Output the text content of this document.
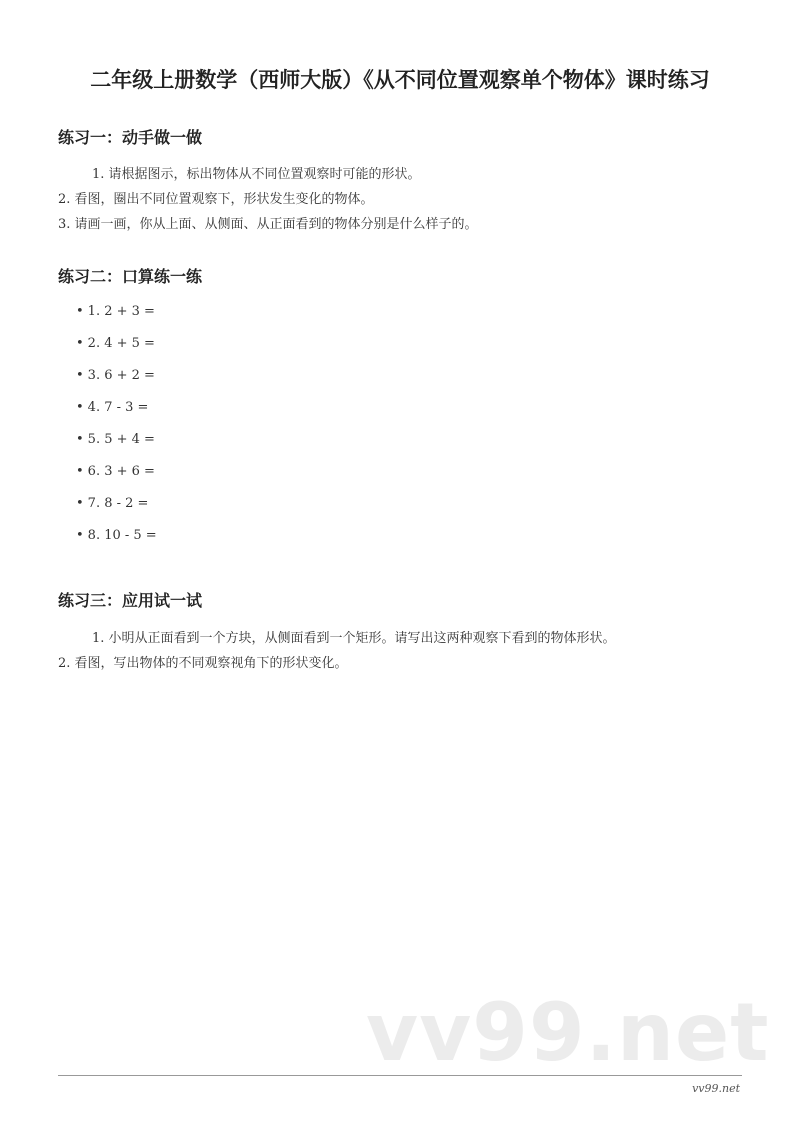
二年级上册数学（西师大版）《从不同位置观察单个物体》课时练习
练习一：动手做一做
1. 请根据图示，标出物体从不同位置观察时可能的形状。
2. 看图，圈出不同位置观察下，形状发生变化的物体。
3. 请画一画，你从上面、从侧面、从正面看到的物体分别是什么样子的。
练习二：口算练一练
• 1. 2 + 3 =
• 2. 4 + 5 =
• 3. 6 + 2 =
• 4. 7 - 3 =
• 5. 5 + 4 =
• 6. 3 + 6 =
• 7. 8 - 2 =
• 8. 10 - 5 =
练习三：应用试一试
1. 小明从正面看到一个方块，从侧面看到一个矩形。请写出这两种观察下看到的物体形状。
2. 看图，写出物体的不同观察视角下的形状变化。
vv99.net
vv99.net
